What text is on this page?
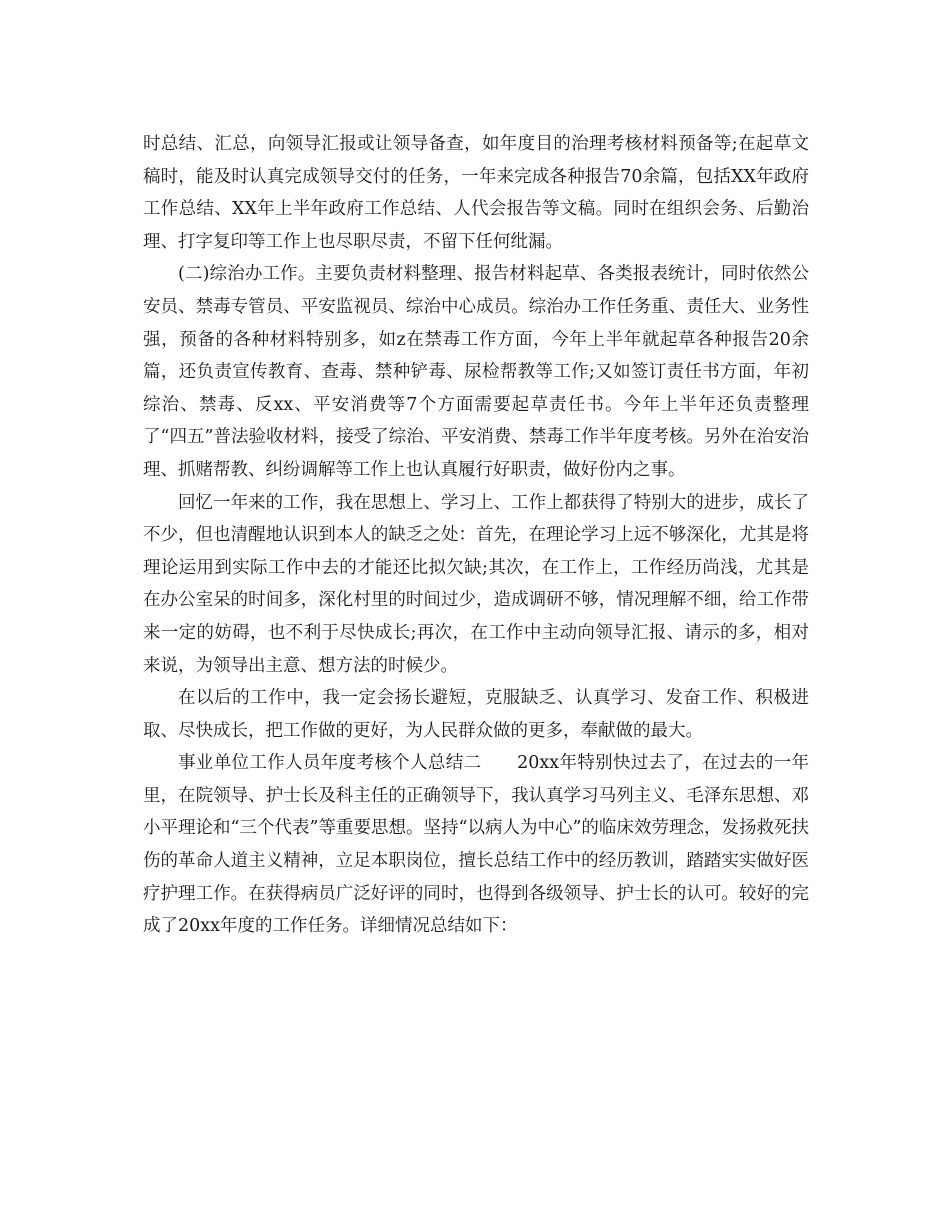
时总结、汇总，向领导汇报或让领导备查，如年度目的治理考核材料预备等;在起草文稿时，能及时认真完成领导交付的任务，一年来完成各种报告70余篇，包括XX年政府工作总结、XX年上半年政府工作总结、人代会报告等文稿。同时在组织会务、后勤治理、打字复印等工作上也尽职尽责，不留下任何纰漏。

(二)综治办工作。主要负责材料整理、报告材料起草、各类报表统计，同时依然公安员、禁毒专管员、平安监视员、综治中心成员。综治办工作任务重、责任大、业务性强，预备的各种材料特别多，如z在禁毒工作方面，今年上半年就起草各种报告20余篇，还负责宣传教育、查毒、禁种铲毒、尿检帮教等工作;又如签订责任书方面，年初综治、禁毒、反xx、平安消费等7个方面需要起草责任书。今年上半年还负责整理了“四五”普法验收材料，接受了综治、平安消费、禁毒工作半年度考核。另外在治安治理、抓赌帮教、纠纷调解等工作上也认真履行好职责，做好份内之事。

回忆一年来的工作，我在思想上、学习上、工作上都获得了特别大的进步，成长了不少，但也清醒地认识到本人的缺乏之处：首先，在理论学习上远不够深化，尤其是将理论运用到实际工作中去的才能还比拟欠缺;其次，在工作上，工作经历尚浅，尤其是在办公室呆的时间多，深化村里的时间过少，造成调研不够，情况理解不细，给工作带来一定的妨碍，也不利于尽快成长;再次，在工作中主动向领导汇报、请示的多，相对来说，为领导出主意、想方法的时候少。

在以后的工作中，我一定会扬长避短，克服缺乏、认真学习、发奋工作、积极进取、尽快成长，把工作做的更好，为人民群众做的更多，奉献做的最大。

事业单位工作人员年度考核个人总结二　　20xx年特别快过去了，在过去的一年里，在院领导、护士长及科主任的正确领导下，我认真学习马列主义、毛泽东思想、邓小平理论和“三个代表”等重要思想。坚持“以病人为中心”的临床效劳理念，发扬救死扶伤的革命人道主义精神，立足本职岗位，擅长总结工作中的经历教训，踏踏实实做好医疗护理工作。在获得病员广泛好评的同时，也得到各级领导、护士长的认可。较好的完成了20xx年度的工作任务。详细情况总结如下：
